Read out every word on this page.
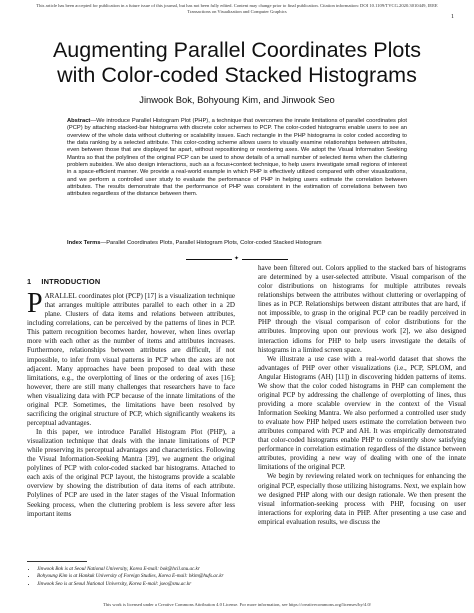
This article has been accepted for publication in a future issue of this journal, but has not been fully edited. Content may change prior to final publication. Citation information: DOI 10.1109/TVCG.2020.3010449, IEEE
Transactions on Visualization and Computer Graphics
1
Augmenting Parallel Coordinates Plots
with Color-coded Stacked Histograms
Jinwook Bok, Bohyoung Kim, and Jinwook Seo
Abstract—We introduce Parallel Histogram Plot (PHP), a technique that overcomes the innate limitations of parallel coordinates plot (PCP) by attaching stacked-bar histograms with discrete color schemes to PCP. The color-coded histograms enable users to see an overview of the whole data without cluttering or scalability issues. Each rectangle in the PHP histograms is color coded according to the data ranking by a selected attribute. This color-coding scheme allows users to visually examine relationships between attributes, even between those that are displayed far apart, without repositioning or reordering axes. We adopt the Visual Information Seeking Mantra so that the polylines of the original PCP can be used to show details of a small number of selected items when the cluttering problem subsides. We also design interactions, such as a focus+context technique, to help users investigate small regions of interest in a space-efficient manner. We provide a real-world example in which PHP is effectively utilized compared with other visualizations, and we perform a controlled user study to evaluate the performance of PHP in helping users estimate the correlation between attributes. The results demonstrate that the performance of PHP was consistent in the estimation of correlations between two attributes regardless of the distance between them.
Index Terms—Parallel Coordinates Plots, Parallel Histogram Plots, Color-coded Stacked Histogram
✦
1 INTRODUCTION

PARALLEL coordinates plot (PCP) [17] is a visualization technique that arranges multiple attributes parallel to each other in a 2D plane. Clusters of data items and relations between attributes, including correlations, can be perceived by the patterns of lines in PCP. This pattern recognition becomes harder, however, when lines overlap more with each other as the number of items and attributes increases. Furthermore, relationships between attributes are difficult, if not impossible, to infer from visual patterns in PCP when the axes are not adjacent. Many approaches have been proposed to deal with these limitations, e.g., the overplotting of lines or the ordering of axes [16]; however, there are still many challenges that researchers have to face when visualizing data with PCP because of the innate limitations of the original PCP. Sometimes, the limitations have been resolved by sacrificing the original structure of PCP, which significantly weakens its perceptual advantages.

In this paper, we introduce Parallel Histogram Plot (PHP), a visualization technique that deals with the innate limitations of PCP while preserving its perceptual advantages and characteristics. Following the Visual Information-Seeking Mantra [39], we augment the original polylines of PCP with color-coded stacked bar histograms. Attached to each axis of the original PCP layout, the histograms provide a scalable overview by showing the distribution of data items of each attribute. Polylines of PCP are used in the later stages of the Visual Information Seeking process, when the cluttering problem is less severe after less important items

have been filtered out. Colors applied to the stacked bars of histograms are determined by a user-selected attribute. Visual comparison of the color distributions on histograms for multiple attributes reveals relationships between the attributes without cluttering or overlapping of lines as in PCP. Relationships between distant attributes that are hard, if not impossible, to grasp in the original PCP can be readily perceived in PHP through the visual comparison of color distributions for the attributes. Improving upon our previous work [2], we also designed interaction idioms for PHP to help users investigate the details of histograms in a limited screen space.

We illustrate a use case with a real-world dataset that shows the advantages of PHP over other visualizations (i.e., PCP, SPLOM, and Angular Histograms (AH) [11]) in discovering hidden patterns of items. We show that the color coded histograms in PHP can complement the original PCP by addressing the challenge of overplotting of lines, thus providing a more scalable overview in the context of the Visual Information Seeking Mantra. We also performed a controlled user study to evaluate how PHP helped users estimate the correlation between two attributes compared with PCP and AH. It was empirically demonstrated that color-coded histograms enable PHP to consistently show satisfying performance in correlation estimation regardless of the distance between attributes, providing a new way of dealing with one of the innate limitations of the original PCP.

We begin by reviewing related work on techniques for enhancing the original PCP, especially those utilizing histograms. Next, we explain how we designed PHP along with our design rationale. We then present the visual information-seeking process with PHP, focusing on user interactions for exploring data in PHP. After presenting a use case and empirical evaluation results, we discuss the

• Jinwook Bok is at Seoul National University, Korea E-mail: bok@hcil.snu.ac.kr
• Bohyoung Kim is at Hankuk University of Foreign Studies, Korea E-mail: bkim@hufs.ac.kr
• Jinwook Seo is at Seoul National University, Korea E-mail: jseo@snu.ac.kr
This work is licensed under a Creative Commons Attribution 4.0 License. For more information, see https://creativecommons.org/licenses/by/4.0/
